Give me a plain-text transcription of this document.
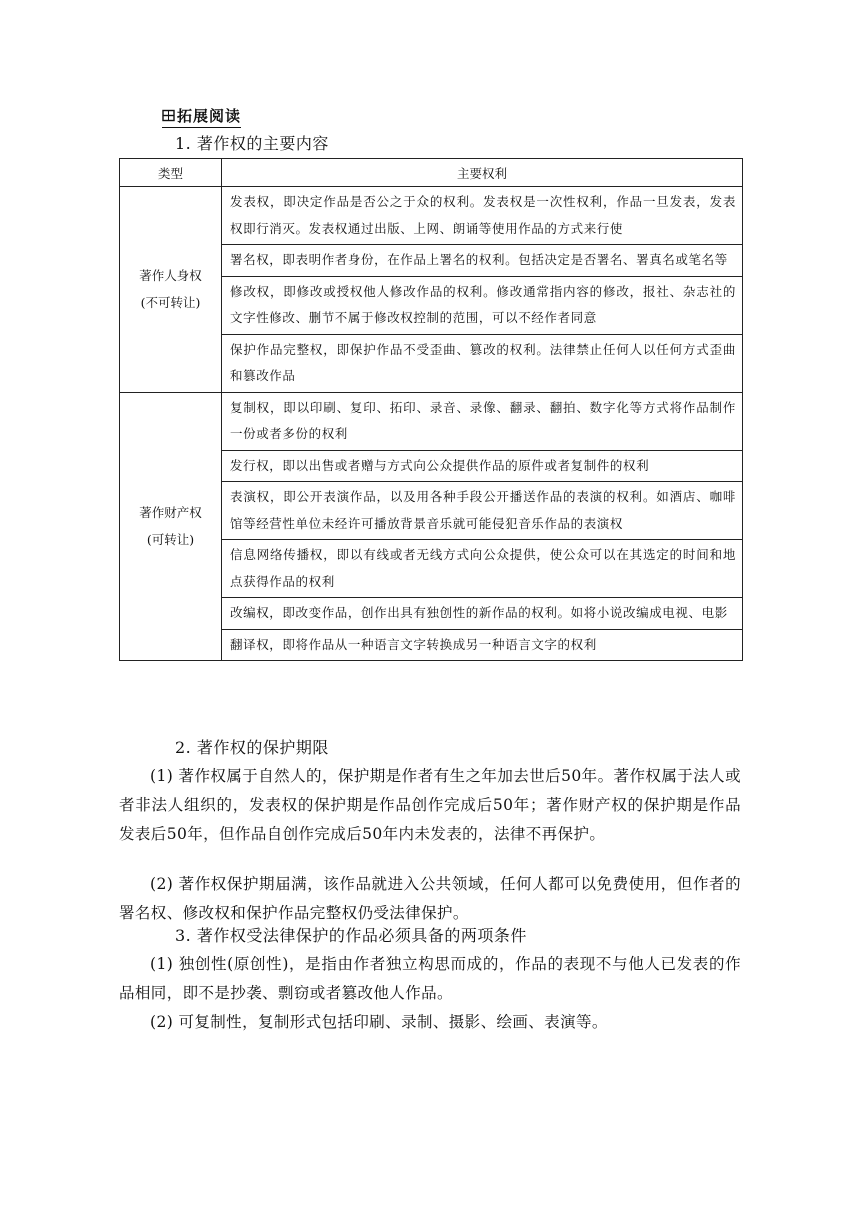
拓展阅读
1. 著作权的主要内容
类型	主要权利

著作人身权
(不可转让)	发表权，即决定作品是否公之于众的权利。发表权是一次性权利，作品一旦发表，发表权即行消灭。发表权通过出版、上网、朗诵等使用作品的方式来行使
	署名权，即表明作者身份，在作品上署名的权利。包括决定是否署名、署真名或笔名等
	修改权，即修改或授权他人修改作品的权利。修改通常指内容的修改，报社、杂志社的文字性修改、删节不属于修改权控制的范围，可以不经作者同意
	保护作品完整权，即保护作品不受歪曲、篡改的权利。法律禁止任何人以任何方式歪曲和篡改作品

著作财产权
(可转让)	复制权，即以印刷、复印、拓印、录音、录像、翻录、翻拍、数字化等方式将作品制作一份或者多份的权利
	发行权，即以出售或者赠与方式向公众提供作品的原件或者复制件的权利
	表演权，即公开表演作品，以及用各种手段公开播送作品的表演的权利。如酒店、咖啡馆等经营性单位未经许可播放背景音乐就可能侵犯音乐作品的表演权
	信息网络传播权，即以有线或者无线方式向公众提供，使公众可以在其选定的时间和地点获得作品的权利
	改编权，即改变作品，创作出具有独创性的新作品的权利。如将小说改编成电视、电影
	翻译权，即将作品从一种语言文字转换成另一种语言文字的权利
2. 著作权的保护期限
(1) 著作权属于自然人的，保护期是作者有生之年加去世后50年。著作权属于法人或者非法人组织的，发表权的保护期是作品创作完成后50年；著作财产权的保护期是作品发表后50年，但作品自创作完成后50年内未发表的，法律不再保护。
(2) 著作权保护期届满，该作品就进入公共领域，任何人都可以免费使用，但作者的署名权、修改权和保护作品完整权仍受法律保护。
3. 著作权受法律保护的作品必须具备的两项条件
(1) 独创性(原创性)，是指由作者独立构思而成的，作品的表现不与他人已发表的作品相同，即不是抄袭、剽窃或者篡改他人作品。
(2) 可复制性，复制形式包括印刷、录制、摄影、绘画、表演等。
